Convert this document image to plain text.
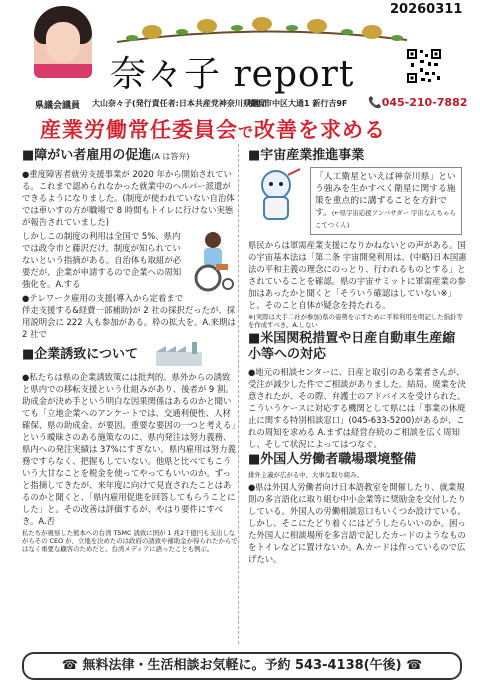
20260311
奈々子 report
県議会議員 大山奈々子(発行責任者:日本共産党神奈川県議団	📞045-210-7882
横浜市中区大通1 新行吉9F
産業労働常任委員会で改善を求める
■障がい者雇用の促進(A は答弁)

●重度障害者就労支援事業が 2020 年から開始されている。これまで認められなかった就業中のヘルパー派遣ができるようになりました。(制度が使われていない自治体では車いすの方が職場で 8 時間もトイレに行けない実態が報告されていました)

しかしこの制度の利用は全国で 5%、県内では政令市と藤沢だけ。制度が知られていないという指摘がある。自治体も取組が必要だが、企業が申請するので企業への周知強化を。A.する

●テレワーク雇用の支援(導入から定着まで伴走支援する&経費一部補助)が 2 社の採択だったが、採用説明会に 222 人も参加がある。枠の拡大を。A.来期は 2 社で

■企業誘致について

●私たちは県の企業誘致策には批判的。県外からの誘致と県内での移転支援という仕組みがあり、後者が 9 割。助成金が決め手という明白な因果関係はあるのかと聞いても「立地企業へのアンケートでは、交通利便性、人材確保、県の助成金、が要因。重要な要因の一つと考える」という曖昧さのある施策なのに、県内発注は努力義務、県内への発注実績は 37%にすぎない。県内雇用は努力義務ですらなく、把握もしていない。他県と比べてもこういう大甘なことを税金を使ってやってもいいのか。ずっと指摘してきたが、来年度に向けて見直されたことはあるのかと聞くと、「県内雇用促進を回答してもらうことにした」と。その改善は評価するが、やはり要件にすべき。A.否

私たちが視察した熊本への台湾 TSMC 誘致に国が 1 兆2千億円も支出しながらその CEO が、立地を決めたのは政府の誘致や補助金が得られたからではなく重要な顧客のためだと。台湾メディアに語ったことも例示。

■宇宙産業推進事業
「人工衛星といえば神奈川県」という強みを生かすべく衛星に関する施策を重点的に講ずることを方針です。(←県宇宙応援アンバサダー 宇宙なんちゃらこてつくん)

県民からは軍需産業支援になりかねないとの声がある。国の宇宙基本法は「第二条 宇宙開発利用は、(中略)日本国憲法の平和主義の理念にのっとり、行われるものとする」とされていることを確認。県の宇宙サミットに軍需産業の参加はあったかと聞くと「そういう確認はしていない※」と。そのこと自体が疑念を持たれる。

※(実際は大手二社が参加)県の姿勢を示すために平和利用を明記した指針等を作成すべき。A.しない

■米国関税措置や日産自動車生産縮小等への対応

●地元の相談センターに、日産と取引のある業者さんが、受注が減少した件でご相談がありました。結局、廃業を決意されたが、その際、弁護士のアドバイスを受けられた。こういうケースに対応する機関として県には「事業の休廃止に関する特別相談窓口」(045-633-5200)があるが、これの周知を求める A.まずは経営存続のご相談を広く周知し、そして状況によってはつなぐ。

■外国人労働者職場環境整備

排外主義が広がる中、大事な取り組み。

●県は外国人労働者向け日本語教室を開催したり、就業規則の多言語化に取り組む中小企業等に奨励金を交付したりしている。外国人の労働相談窓口もいくつか設けている。しかし、そこにたどり着くにはどうしたらいいのか。困った外国人に相談場所を多言語で記したカードのようなものをトイレなどに置けないか。A.カードは作っているので広げたい。

☎ 無料法律・生活相談お気軽に。予約 543-4138(午後) ☎
